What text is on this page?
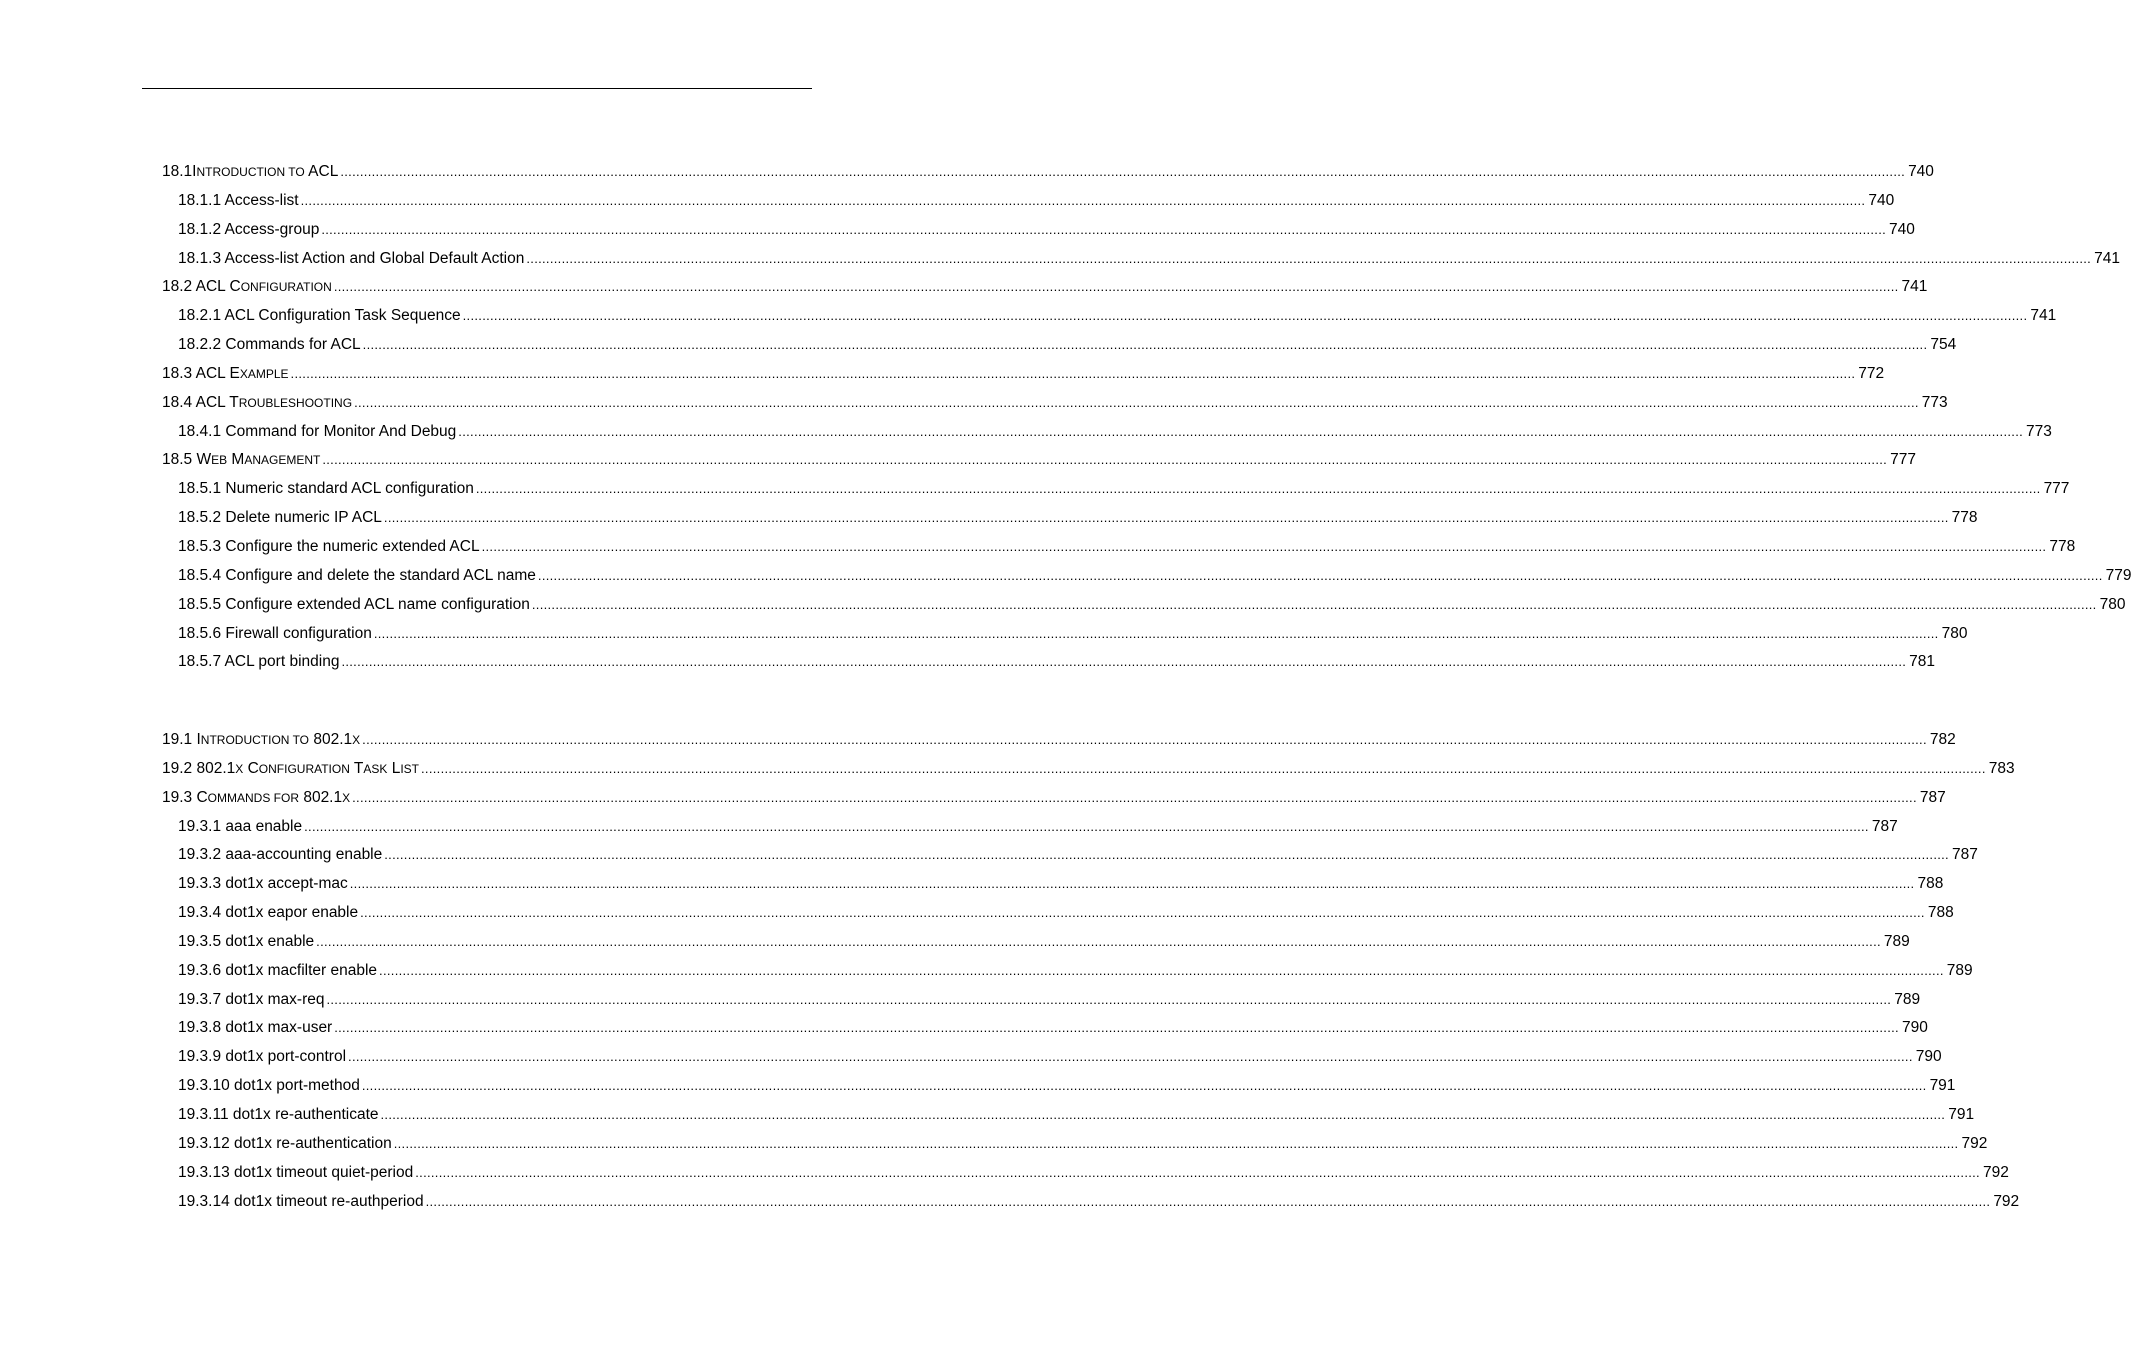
18.1INTRODUCTION TO ACL ................................................................................................................................................................................................................................................................................................................................................................................................................ 740
18.1.1 Access-list ................................................................................................................................................................................................................................................................................................................................................................................................................ 740
18.1.2 Access-group ................................................................................................................................................................................................................................................................................................................................................................................................................ 740
18.1.3 Access-list Action and Global Default Action ................................................................................................................................................................................................................................................................................................................................................................................................................ 741
18.2 ACL CONFIGURATION ................................................................................................................................................................................................................................................................................................................................................................................................................ 741
18.2.1 ACL Configuration Task Sequence ................................................................................................................................................................................................................................................................................................................................................................................................................ 741
18.2.2 Commands for ACL ................................................................................................................................................................................................................................................................................................................................................................................................................ 754
18.3 ACL EXAMPLE ................................................................................................................................................................................................................................................................................................................................................................................................................ 772
18.4 ACL TROUBLESHOOTING ................................................................................................................................................................................................................................................................................................................................................................................................................ 773
18.4.1 Command for Monitor And Debug ................................................................................................................................................................................................................................................................................................................................................................................................................ 773
18.5 WEB MANAGEMENT ................................................................................................................................................................................................................................................................................................................................................................................................................ 777
18.5.1 Numeric standard ACL configuration ................................................................................................................................................................................................................................................................................................................................................................................................................ 777
18.5.2 Delete numeric IP ACL ................................................................................................................................................................................................................................................................................................................................................................................................................ 778
18.5.3 Configure the numeric extended ACL ................................................................................................................................................................................................................................................................................................................................................................................................................ 778
18.5.4 Configure and delete the standard ACL name ................................................................................................................................................................................................................................................................................................................................................................................................................ 779
18.5.5 Configure extended ACL name configuration ................................................................................................................................................................................................................................................................................................................................................................................................................ 780
18.5.6 Firewall configuration ................................................................................................................................................................................................................................................................................................................................................................................................................ 780
18.5.7 ACL port binding ................................................................................................................................................................................................................................................................................................................................................................................................................ 781
19.1 INTRODUCTION TO 802.1X ................................................................................................................................................................................................................................................................................................................................................................................................................ 782
19.2 802.1X CONFIGURATION TASK LIST ................................................................................................................................................................................................................................................................................................................................................................................................................ 783
19.3 COMMANDS FOR 802.1X ................................................................................................................................................................................................................................................................................................................................................................................................................ 787
19.3.1 aaa enable ................................................................................................................................................................................................................................................................................................................................................................................................................ 787
19.3.2 aaa-accounting enable ................................................................................................................................................................................................................................................................................................................................................................................................................ 787
19.3.3 dot1x accept-mac ................................................................................................................................................................................................................................................................................................................................................................................................................ 788
19.3.4 dot1x eapor enable ................................................................................................................................................................................................................................................................................................................................................................................................................ 788
19.3.5 dot1x enable ................................................................................................................................................................................................................................................................................................................................................................................................................ 789
19.3.6 dot1x macfilter enable ................................................................................................................................................................................................................................................................................................................................................................................................................ 789
19.3.7 dot1x max-req ................................................................................................................................................................................................................................................................................................................................................................................................................ 789
19.3.8 dot1x max-user ................................................................................................................................................................................................................................................................................................................................................................................................................ 790
19.3.9 dot1x port-control ................................................................................................................................................................................................................................................................................................................................................................................................................ 790
19.3.10 dot1x port-method ................................................................................................................................................................................................................................................................................................................................................................................................................ 791
19.3.11 dot1x re-authenticate ................................................................................................................................................................................................................................................................................................................................................................................................................ 791
19.3.12 dot1x re-authentication ................................................................................................................................................................................................................................................................................................................................................................................................................ 792
19.3.13 dot1x timeout quiet-period ................................................................................................................................................................................................................................................................................................................................................................................................................ 792
19.3.14 dot1x timeout re-authperiod ................................................................................................................................................................................................................................................................................................................................................................................................................ 792
